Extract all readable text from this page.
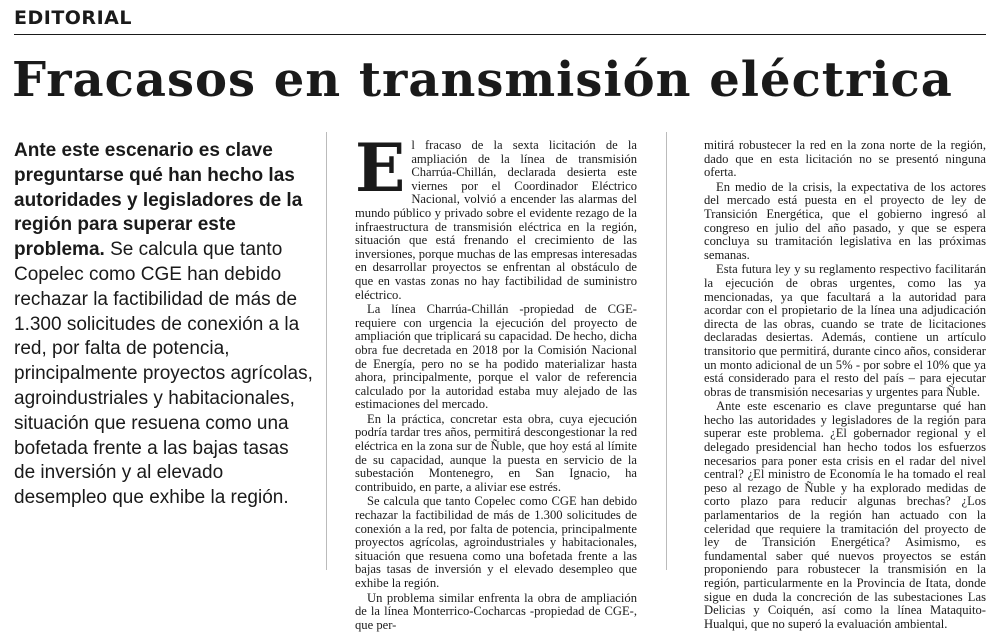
EDITORIAL
Fracasos en transmisión eléctrica

Ante este escenario es clave preguntarse qué han hecho las autoridades y legisladores de la región para superar este problema. Se calcula que tanto Copelec como CGE han debido rechazar la factibilidad de más de 1.300 solicitudes de conexión a la red, por falta de potencia, principalmente proyectos agrícolas, agroindustriales y habitacionales, situación que resuena como una bofetada frente a las bajas tasas de inversión y al elevado desempleo que exhibe la región.

El fracaso de la sexta licitación de la ampliación de la línea de transmisión Charrúa-Chillán, declarada desierta este viernes por el Coordinador Eléctrico Nacional, volvió a encender las alarmas del mundo público y privado sobre el evidente rezago de la infraestructura de transmisión eléctrica en la región, situación que está frenando el crecimiento de las inversiones, porque muchas de las empresas interesadas en desarrollar proyectos se enfrentan al obstáculo de que en vastas zonas no hay factibilidad de suministro eléctrico.

La línea Charrúa-Chillán -propiedad de CGE- requiere con urgencia la ejecución del proyecto de ampliación que triplicará su capacidad. De hecho, dicha obra fue decretada en 2018 por la Comisión Nacional de Energía, pero no se ha podido materializar hasta ahora, principalmente, porque el valor de referencia calculado por la autoridad estaba muy alejado de las estimaciones del mercado.

En la práctica, concretar esta obra, cuya ejecución podría tardar tres años, permitirá descongestionar la red eléctrica en la zona sur de Ñuble, que hoy está al límite de su capacidad, aunque la puesta en servicio de la subestación Montenegro, en San Ignacio, ha contribuido, en parte, a aliviar ese estrés.

Se calcula que tanto Copelec como CGE han debido rechazar la factibilidad de más de 1.300 solicitudes de conexión a la red, por falta de potencia, principalmente proyectos agrícolas, agroindustriales y habitacionales, situación que resuena como una bofetada frente a las bajas tasas de inversión y el elevado desempleo que exhibe la región.

Un problema similar enfrenta la obra de ampliación de la línea Monterrico-Cocharcas -propiedad de CGE-, que per-

mitirá robustecer la red en la zona norte de la región, dado que en esta licitación no se presentó ninguna oferta.

En medio de la crisis, la expectativa de los actores del mercado está puesta en el proyecto de ley de Transición Energética, que el gobierno ingresó al congreso en julio del año pasado, y que se espera concluya su tramitación legislativa en las próximas semanas.

Esta futura ley y su reglamento respectivo facilitarán la ejecución de obras urgentes, como las ya mencionadas, ya que facultará a la autoridad para acordar con el propietario de la línea una adjudicación directa de las obras, cuando se trate de licitaciones declaradas desiertas. Además, contiene un artículo transitorio que permitirá, durante cinco años, considerar un monto adicional de un 5% - por sobre el 10% que ya está considerado para el resto del país – para ejecutar obras de transmisión necesarias y urgentes para Ñuble.

Ante este escenario es clave preguntarse qué han hecho las autoridades y legisladores de la región para superar este problema. ¿El gobernador regional y el delegado presidencial han hecho todos los esfuerzos necesarios para poner esta crisis en el radar del nivel central? ¿El ministro de Economía le ha tomado el real peso al rezago de Ñuble y ha explorado medidas de corto plazo para reducir algunas brechas? ¿Los parlamentarios de la región han actuado con la celeridad que requiere la tramitación del proyecto de ley de Transición Energética? Asimismo, es fundamental saber qué nuevos proyectos se están proponiendo para robustecer la transmisión en la región, particularmente en la Provincia de Itata, donde sigue en duda la concreción de las subestaciones Las Delicias y Coiquén, así como la línea Mataquito-Hualqui, que no superó la evaluación ambiental.
